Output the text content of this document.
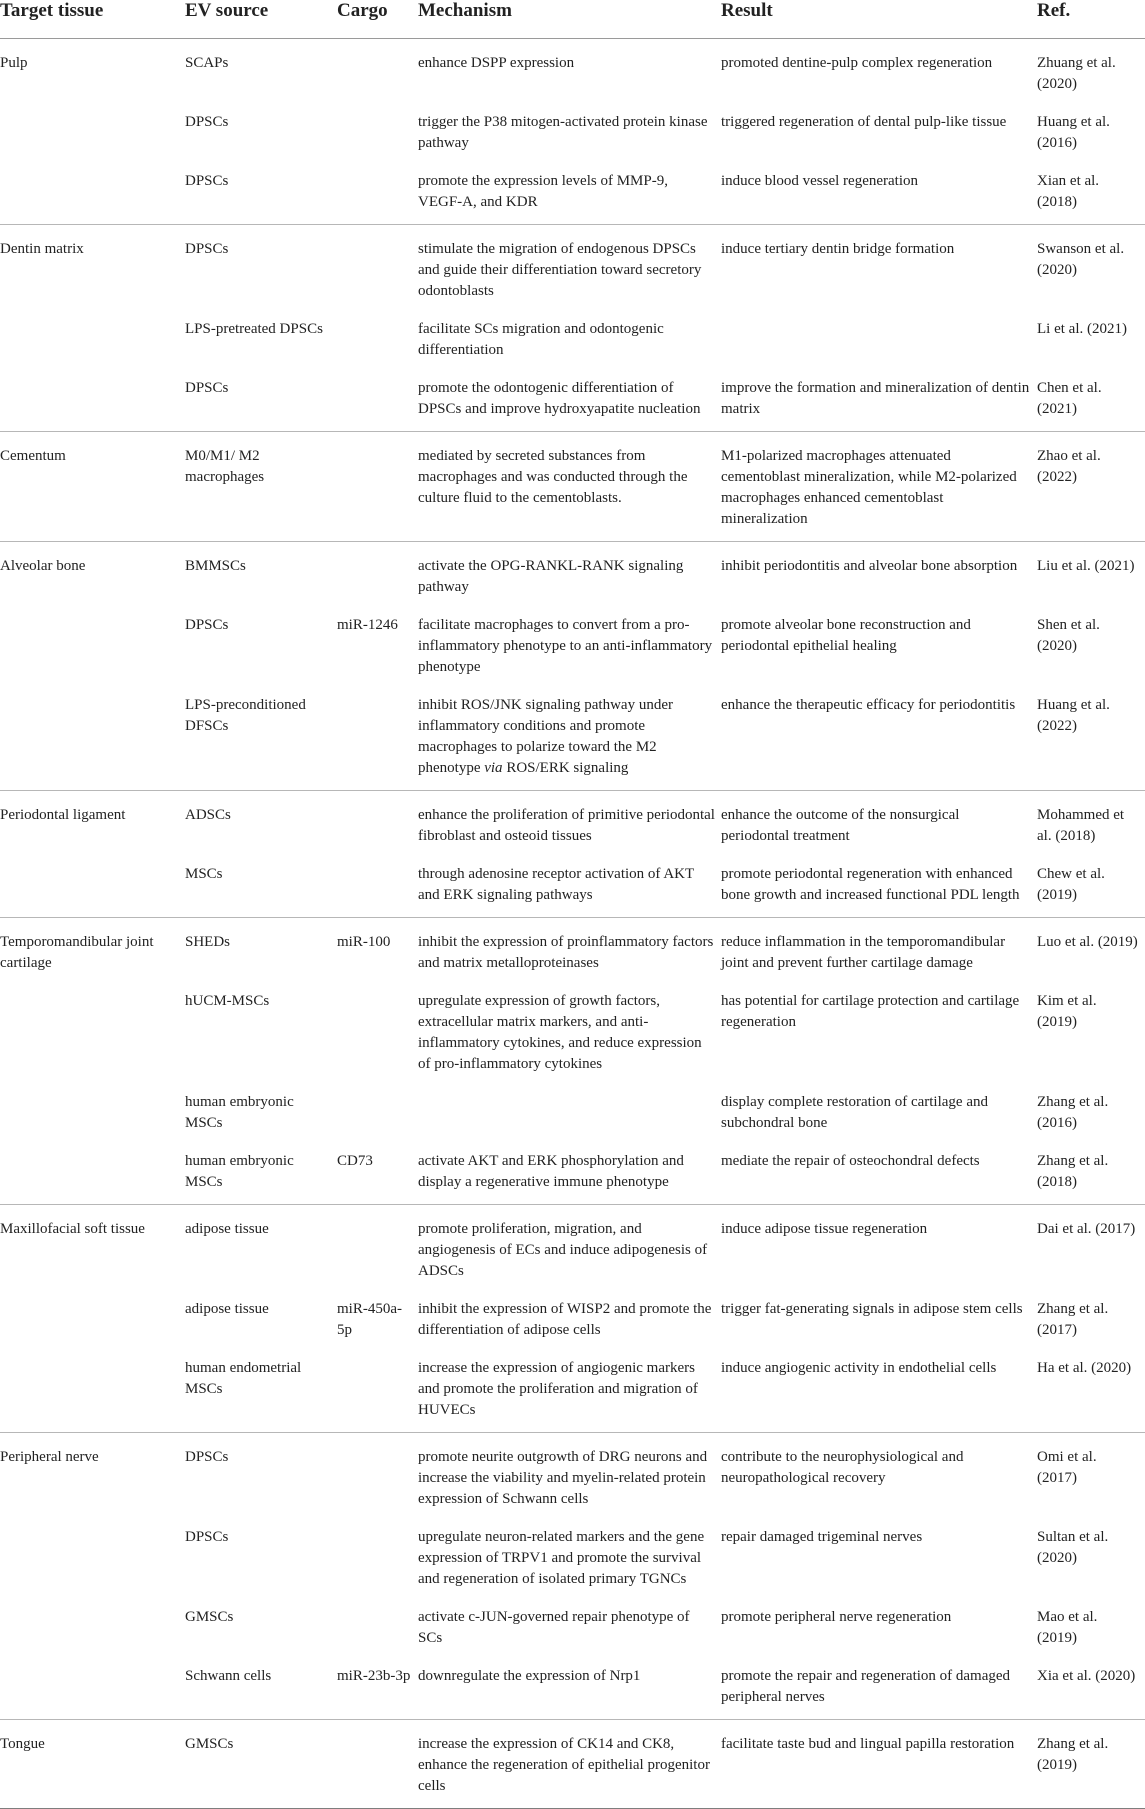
Target tissue	EV source	Cargo	Mechanism	Result	Ref.
Pulp	SCAPs		enhance DSPP expression	promoted dentine-pulp complex regeneration	Zhuang et al. (2020)
	DPSCs		trigger the P38 mitogen-activated protein kinase pathway	triggered regeneration of dental pulp-like tissue	Huang et al. (2016)
	DPSCs		promote the expression levels of MMP-9, VEGF-A, and KDR	induce blood vessel regeneration	Xian et al. (2018)
Dentin matrix	DPSCs		stimulate the migration of endogenous DPSCs and guide their differentiation toward secretory odontoblasts	induce tertiary dentin bridge formation	Swanson et al. (2020)
	LPS-pretreated DPSCs		facilitate SCs migration and odontogenic differentiation		Li et al. (2021)
	DPSCs		promote the odontogenic differentiation of DPSCs and improve hydroxyapatite nucleation	improve the formation and mineralization of dentin matrix	Chen et al. (2021)
Cementum	M0/M1/ M2 macrophages		mediated by secreted substances from macrophages and was conducted through the culture fluid to the cementoblasts.	M1-polarized macrophages attenuated cementoblast mineralization, while M2-polarized macrophages enhanced cementoblast mineralization	Zhao et al. (2022)
Alveolar bone	BMMSCs		activate the OPG-RANKL-RANK signaling pathway	inhibit periodontitis and alveolar bone absorption	Liu et al. (2021)
	DPSCs	miR-1246	facilitate macrophages to convert from a pro-inflammatory phenotype to an anti-inflammatory phenotype	promote alveolar bone reconstruction and periodontal epithelial healing	Shen et al. (2020)
	LPS-preconditioned DFSCs		inhibit ROS/JNK signaling pathway under inflammatory conditions and promote macrophages to polarize toward the M2 phenotype via ROS/ERK signaling	enhance the therapeutic efficacy for periodontitis	Huang et al. (2022)
Periodontal ligament	ADSCs		enhance the proliferation of primitive periodontal fibroblast and osteoid tissues	enhance the outcome of the nonsurgical periodontal treatment	Mohammed et al. (2018)
	MSCs		through adenosine receptor activation of AKT and ERK signaling pathways	promote periodontal regeneration with enhanced bone growth and increased functional PDL length	Chew et al. (2019)
Temporomandibular joint cartilage	SHEDs	miR-100	inhibit the expression of proinflammatory factors and matrix metalloproteinases	reduce inflammation in the temporomandibular joint and prevent further cartilage damage	Luo et al. (2019)
	hUCM-MSCs		upregulate expression of growth factors, extracellular matrix markers, and anti-inflammatory cytokines, and reduce expression of pro-inflammatory cytokines	has potential for cartilage protection and cartilage regeneration	Kim et al. (2019)
	human embryonic MSCs			display complete restoration of cartilage and subchondral bone	Zhang et al. (2016)
	human embryonic MSCs	CD73	activate AKT and ERK phosphorylation and display a regenerative immune phenotype	mediate the repair of osteochondral defects	Zhang et al. (2018)
Maxillofacial soft tissue	adipose tissue		promote proliferation, migration, and angiogenesis of ECs and induce adipogenesis of ADSCs	induce adipose tissue regeneration	Dai et al. (2017)
	adipose tissue	miR-450a-5p	inhibit the expression of WISP2 and promote the differentiation of adipose cells	trigger fat-generating signals in adipose stem cells	Zhang et al. (2017)
	human endometrial MSCs		increase the expression of angiogenic markers and promote the proliferation and migration of HUVECs	induce angiogenic activity in endothelial cells	Ha et al. (2020)
Peripheral nerve	DPSCs		promote neurite outgrowth of DRG neurons and increase the viability and myelin-related protein expression of Schwann cells	contribute to the neurophysiological and neuropathological recovery	Omi et al. (2017)
	DPSCs		upregulate neuron-related markers and the gene expression of TRPV1 and promote the survival and regeneration of isolated primary TGNCs	repair damaged trigeminal nerves	Sultan et al. (2020)
	GMSCs		activate c-JUN-governed repair phenotype of SCs	promote peripheral nerve regeneration	Mao et al. (2019)
	Schwann cells	miR-23b-3p	downregulate the expression of Nrp1	promote the repair and regeneration of damaged peripheral nerves	Xia et al. (2020)
Tongue	GMSCs		increase the expression of CK14 and CK8, enhance the regeneration of epithelial progenitor cells	facilitate taste bud and lingual papilla restoration	Zhang et al. (2019)
